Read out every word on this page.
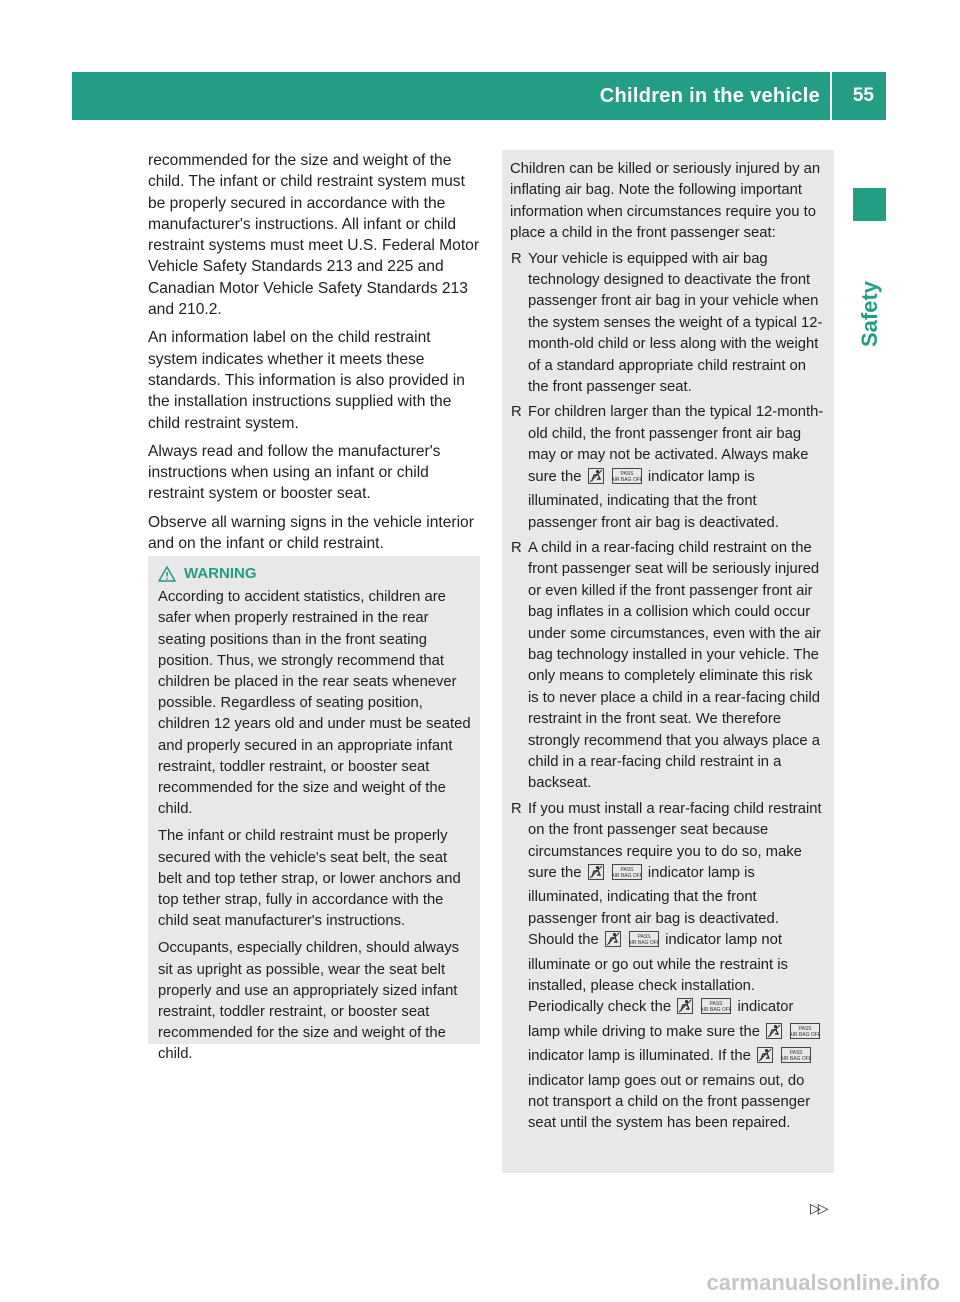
Children in the vehicle 55
Safety

recommended for the size and weight of the child. The infant or child restraint system must be properly secured in accordance with the manufacturer's instructions. All infant or child restraint systems must meet U.S. Federal Motor Vehicle Safety Standards 213 and 225 and Canadian Motor Vehicle Safety Standards 213 and 210.2.

An information label on the child restraint system indicates whether it meets these standards. This information is also provided in the installation instructions supplied with the child restraint system.

Always read and follow the manufacturer's instructions when using an infant or child restraint system or booster seat.

Observe all warning signs in the vehicle interior and on the infant or child restraint.

WARNING

According to accident statistics, children are safer when properly restrained in the rear seating positions than in the front seating position. Thus, we strongly recommend that children be placed in the rear seats whenever possible. Regardless of seating position, children 12 years old and under must be seated and properly secured in an appropriate infant restraint, toddler restraint, or booster seat recommended for the size and weight of the child.

The infant or child restraint must be properly secured with the vehicle's seat belt, the seat belt and top tether strap, or lower anchors and top tether strap, fully in accordance with the child seat manufacturer's instructions.

Occupants, especially children, should always sit as upright as possible, wear the seat belt properly and use an appropriately sized infant restraint, toddler restraint, or booster seat recommended for the size and weight of the child.

Children can be killed or seriously injured by an inflating air bag. Note the following important information when circumstances require you to place a child in the front passenger seat:

R Your vehicle is equipped with air bag technology designed to deactivate the front passenger front air bag in your vehicle when the system senses the weight of a typical 12-month-old child or less along with the weight of a standard appropriate child restraint on the front passenger seat.
R For children larger than the typical 12-month-old child, the front passenger front air bag may or may not be activated. Always make sure the	PASS
AIR BAG OFF indicator lamp is illuminated, indicating that the front passenger front air bag is deactivated.
R A child in a rear-facing child restraint on the front passenger seat will be seriously injured or even killed if the front passenger front air bag inflates in a collision which could occur under some circumstances, even with the air bag technology installed in your vehicle. The only means to completely eliminate this risk is to never place a child in a rear-facing child restraint in the front seat. We therefore strongly recommend that you always place a child in a rear-facing child restraint in a backseat.
R If you must install a rear-facing child restraint on the front passenger seat because circumstances require you to do so, make sure the	PASS
AIR BAG OFF indicator lamp is illuminated, indicating that the front passenger front air bag is deactivated. Should the	PASS
AIR BAG OFF indicator lamp not illuminate or go out while the restraint is installed, please check installation. Periodically check the	PASS
AIR BAG OFF indicator lamp while driving to make sure the	PASS
AIR BAG OFF
indicator lamp is illuminated. If the	PASS
AIR BAG OFF
indicator lamp goes out or remains out, do not transport a child on the front passenger seat until the system has been repaired.
▷▷
carmanualsonline.info
